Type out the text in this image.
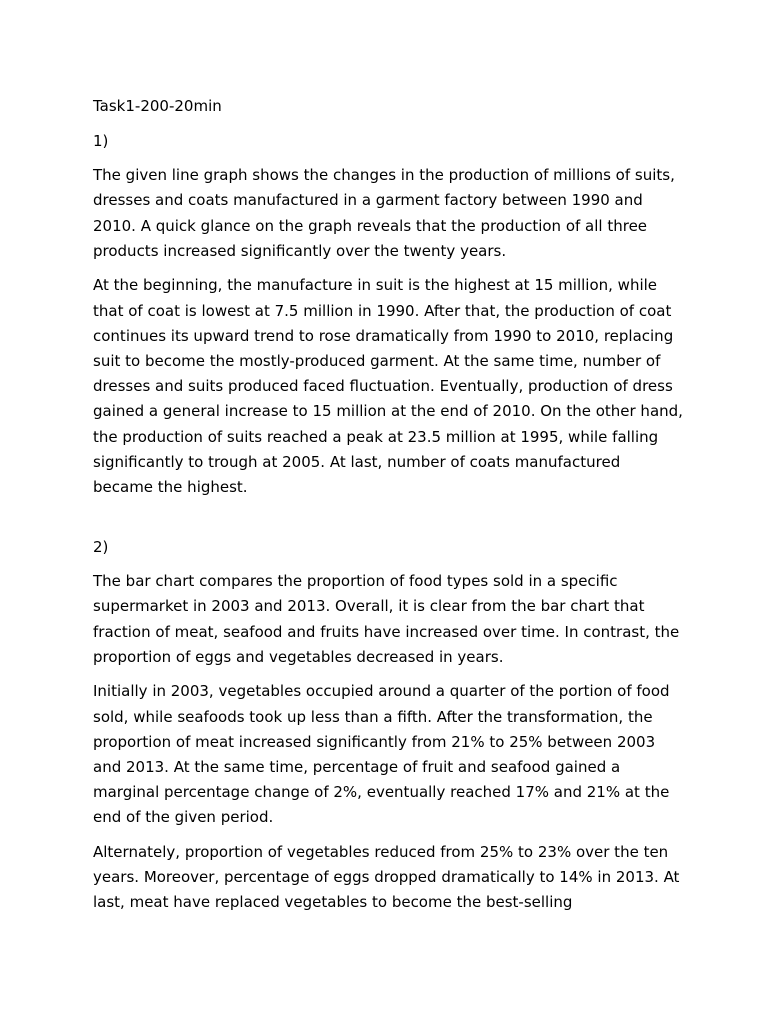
Task1-200-20min

1)

The given line graph shows the changes in the production of millions of suits, dresses and coats manufactured in a garment factory between 1990 and 2010. A quick glance on the graph reveals that the production of all three products increased significantly over the twenty years.

At the beginning, the manufacture in suit is the highest at 15 million, while that of coat is lowest at 7.5 million in 1990. After that, the production of coat continues its upward trend to rose dramatically from 1990 to 2010, replacing suit to become the mostly-produced garment. At the same time, number of dresses and suits produced faced fluctuation. Eventually, production of dress gained a general increase to 15 million at the end of 2010. On the other hand, the production of suits reached a peak at 23.5 million at 1995, while falling significantly to trough at 2005. At last, number of coats manufactured became the highest.

2)

The bar chart compares the proportion of food types sold in a specific supermarket in 2003 and 2013. Overall, it is clear from the bar chart that fraction of meat, seafood and fruits have increased over time. In contrast, the proportion of eggs and vegetables decreased in years.

Initially in 2003, vegetables occupied around a quarter of the portion of food sold, while seafoods took up less than a fifth. After the transformation, the proportion of meat increased significantly from 21% to 25% between 2003 and 2013. At the same time, percentage of fruit and seafood gained a marginal percentage change of 2%, eventually reached 17% and 21% at the end of the given period.

Alternately, proportion of vegetables reduced from 25% to 23% over the ten years. Moreover, percentage of eggs dropped dramatically to 14% in 2013. At last, meat have replaced vegetables to become the best-selling
